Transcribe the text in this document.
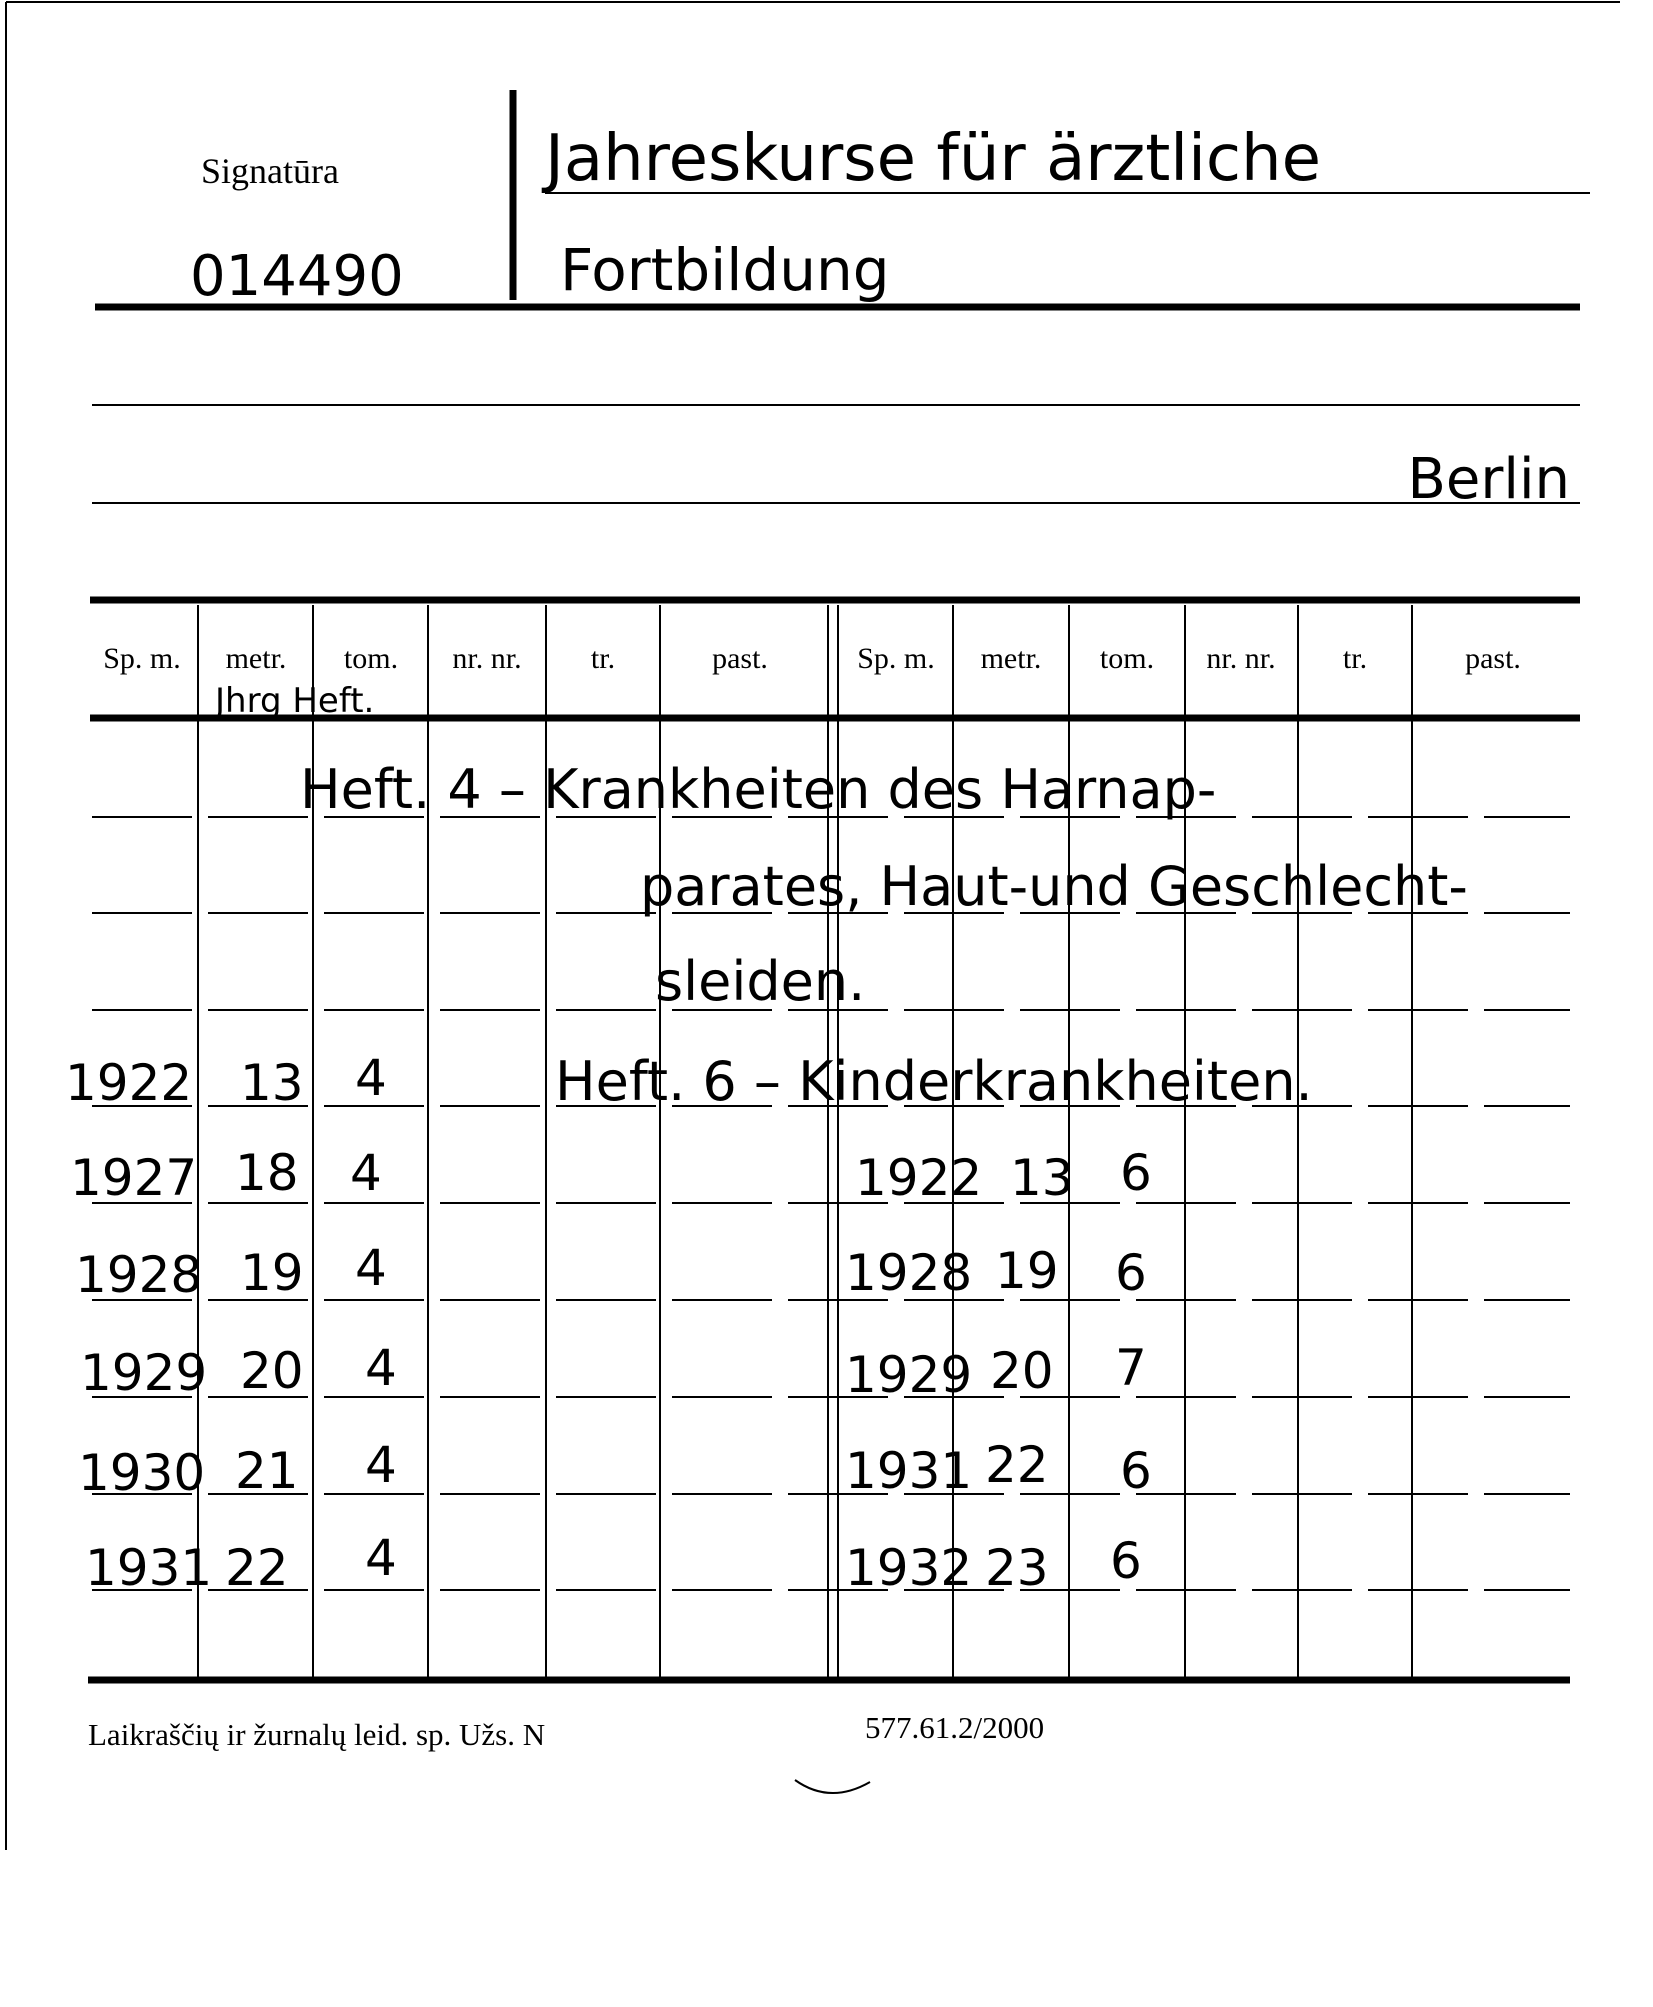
Signatūra
014490
Jahreskurse für ärztliche
Fortbildung
Berlin
Sp. m. metr. tom. nr. nr. tr.	past.	Sp. m. metr. tom. nr. nr. tr.	past.
Jhrg Heft.
Heft. 4 – Krankheiten des Harnap-
parates, Haut-und Geschlecht-
sleiden.
Heft. 6 – Kinderkrankheiten.
1922 13 4
1927 18 4
1928 19 4
1929 20 4
1930 21 4
1931 22 4
1922 13 6
1928 19 6
1929 20 7
1931 22 6
1932 23 6
Laikraščių ir žurnalų leid. sp. Užs. N	577.61.2/2000
